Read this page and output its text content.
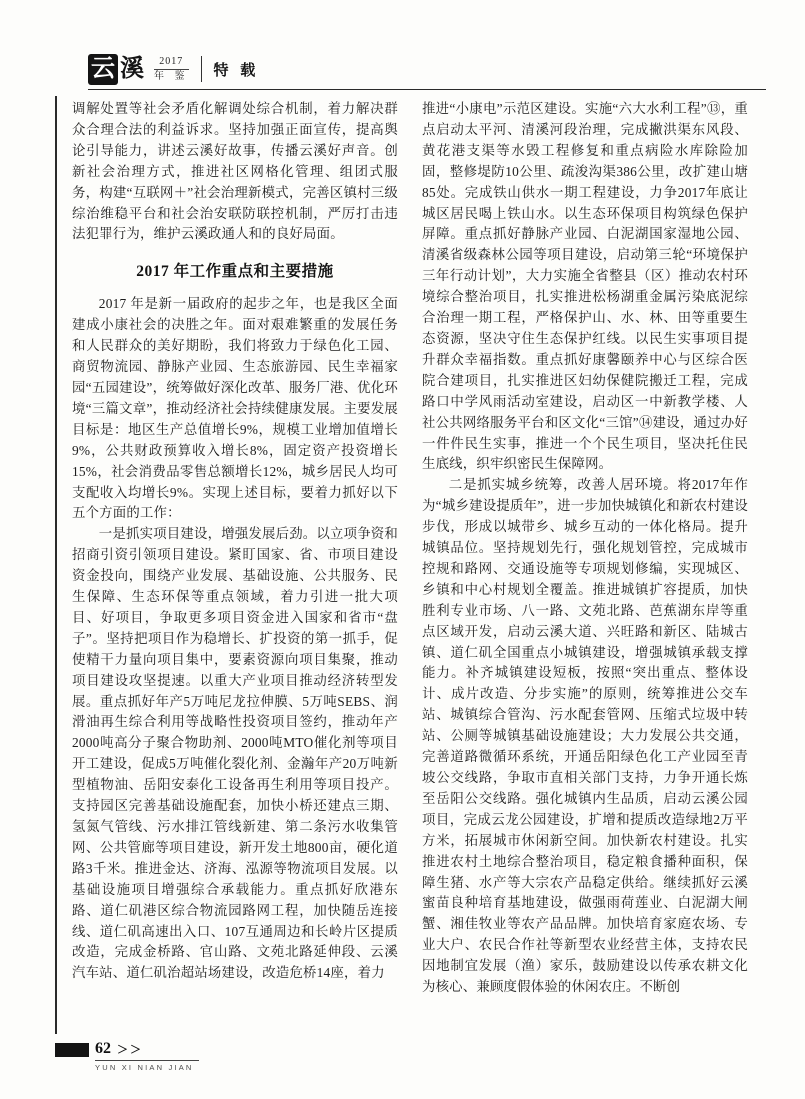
云 溪	2017
年 鉴 特 载

调解处置等社会矛盾化解调处综合机制，着力解决群众合理合法的利益诉求。坚持加强正面宣传，提高舆论引导能力，讲述云溪好故事，传播云溪好声音。创新社会治理方式，推进社区网格化管理、组团式服务，构建“互联网＋”社会治理新模式，完善区镇村三级综治维稳平台和社会治安联防联控机制，严厉打击违法犯罪行为，维护云溪政通人和的良好局面。

2017 年工作重点和主要措施

2017 年是新一届政府的起步之年，也是我区全面建成小康社会的决胜之年。面对艰难繁重的发展任务和人民群众的美好期盼，我们将致力于绿色化工园、商贸物流园、静脉产业园、生态旅游园、民生幸福家园“五园建设”，统筹做好深化改革、服务厂港、优化环境“三篇文章”，推动经济社会持续健康发展。主要发展目标是：地区生产总值增长9%，规模工业增加值增长9%，公共财政预算收入增长8%，固定资产投资增长15%，社会消费品零售总额增长12%，城乡居民人均可支配收入均增长9%。实现上述目标，要着力抓好以下五个方面的工作：

一是抓实项目建设，增强发展后劲。以立项争资和招商引资引领项目建设。紧盯国家、省、市项目建设资金投向，围绕产业发展、基础设施、公共服务、民生保障、生态环保等重点领域，着力引进一批大项目、好项目，争取更多项目资金进入国家和省市“盘子”。坚持把项目作为稳增长、扩投资的第一抓手，促使精干力量向项目集中，要素资源向项目集聚，推动项目建设攻坚提速。以重大产业项目推动经济转型发展。重点抓好年产5万吨尼龙拉伸膜、5万吨SEBS、润滑油再生综合利用等战略性投资项目签约，推动年产2000吨高分子聚合物助剂、2000吨MTO催化剂等项目开工建设，促成5万吨催化裂化剂、金瀚年产20万吨新型植物油、岳阳安泰化工设备再生利用等项目投产。支持园区完善基础设施配套，加快小桥还建点三期、氢氮气管线、污水排江管线新建、第二条污水收集管网、公共管廊等项目建设，新开发土地800亩，硬化道路3千米。推进金达、济海、泓源等物流项目发展。以基础设施项目增强综合承载能力。重点抓好欣港东路、道仁矶港区综合物流园路网工程，加快随岳连接线、道仁矶高速出入口、107互通周边和长岭片区提质改造，完成金桥路、官山路、文苑北路延伸段、云溪汽车站、道仁矶治超站场建设，改造危桥14座，着力

推进“小康电”示范区建设。实施“六大水利工程”⑬，重点启动太平河、清溪河段治理，完成撇洪渠东风段、黄花港支渠等水毁工程修复和重点病险水库除险加固，整修堤防10公里、疏浚沟渠386公里，改扩建山塘85处。完成铁山供水一期工程建设，力争2017年底让城区居民喝上铁山水。以生态环保项目构筑绿色保护屏障。重点抓好静脉产业园、白泥湖国家湿地公园、清溪省级森林公园等项目建设，启动第三轮“环境保护三年行动计划”，大力实施全省整县（区）推动农村环境综合整治项目，扎实推进松杨湖重金属污染底泥综合治理一期工程，严格保护山、水、林、田等重要生态资源，坚决守住生态保护红线。以民生实事项目提升群众幸福指数。重点抓好康馨颐养中心与区综合医院合建项目，扎实推进区妇幼保健院搬迁工程，完成路口中学风雨活动室建设，启动区一中新教学楼、人社公共网络服务平台和区文化“三馆”⑭建设，通过办好一件件民生实事，推进一个个民生项目，坚决托住民生底线，织牢织密民生保障网。

二是抓实城乡统筹，改善人居环境。将2017年作为“城乡建设提质年”，进一步加快城镇化和新农村建设步伐，形成以城带乡、城乡互动的一体化格局。提升城镇品位。坚持规划先行，强化规划管控，完成城市控规和路网、交通设施等专项规划修编，实现城区、乡镇和中心村规划全覆盖。推进城镇扩容提质，加快胜利专业市场、八一路、文苑北路、芭蕉湖东岸等重点区域开发，启动云溪大道、兴旺路和新区、陆城古镇、道仁矶全国重点小城镇建设，增强城镇承载支撑能力。补齐城镇建设短板，按照“突出重点、整体设计、成片改造、分步实施”的原则，统筹推进公交车站、城镇综合管沟、污水配套管网、压缩式垃圾中转站、公厕等城镇基础设施建设；大力发展公共交通，完善道路微循环系统，开通岳阳绿色化工产业园至青坡公交线路，争取市直相关部门支持，力争开通长炼至岳阳公交线路。强化城镇内生品质，启动云溪公园项目，完成云龙公园建设，扩增和提质改造绿地2万平方米，拓展城市休闲新空间。加快新农村建设。扎实推进农村土地综合整治项目，稳定粮食播种面积，保障生猪、水产等大宗农产品稳定供给。继续抓好云溪蜜苗良种培育基地建设，做强雨荷莲业、白泥湖大闸蟹、湘佳牧业等农产品品牌。加快培育家庭农场、专业大户、农民合作社等新型农业经营主体，支持农民因地制宜发展（渔）家乐，鼓励建设以传承农耕文化为核心、兼顾度假体验的休闲农庄。不断创

62 ＞＞
YUN XI NIAN JIAN
